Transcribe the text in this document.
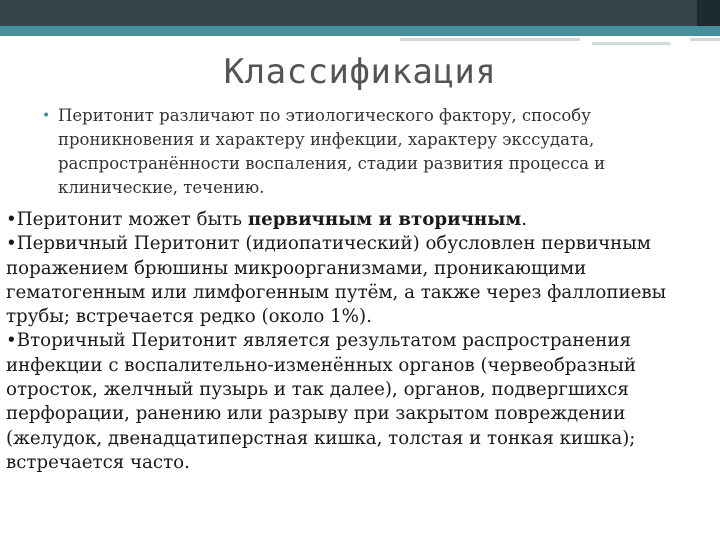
Классификация
• Перитонит различают по этиологического фактору, способу проникновения и характеру инфекции, характеру экссудата, распространённости воспаления, стадии развития процесса и клинические, течению.

•Перитонит может быть первичным и вторичным.

•Первичный Перитонит (идиопатический) обусловлен первичным поражением брюшины микроорганизмами, проникающими гематогенным или лимфогенным путём, а также через фаллопиевы трубы; встречается редко (около 1%).

•Вторичный Перитонит является результатом распространения инфекции с воспалительно-изменённых органов (червеобразный отросток, желчный пузырь и так далее), органов, подвергшихся перфорации, ранению или разрыву при закрытом повреждении (желудок, двенадцатиперстная кишка, толстая и тонкая кишка); встречается часто.
